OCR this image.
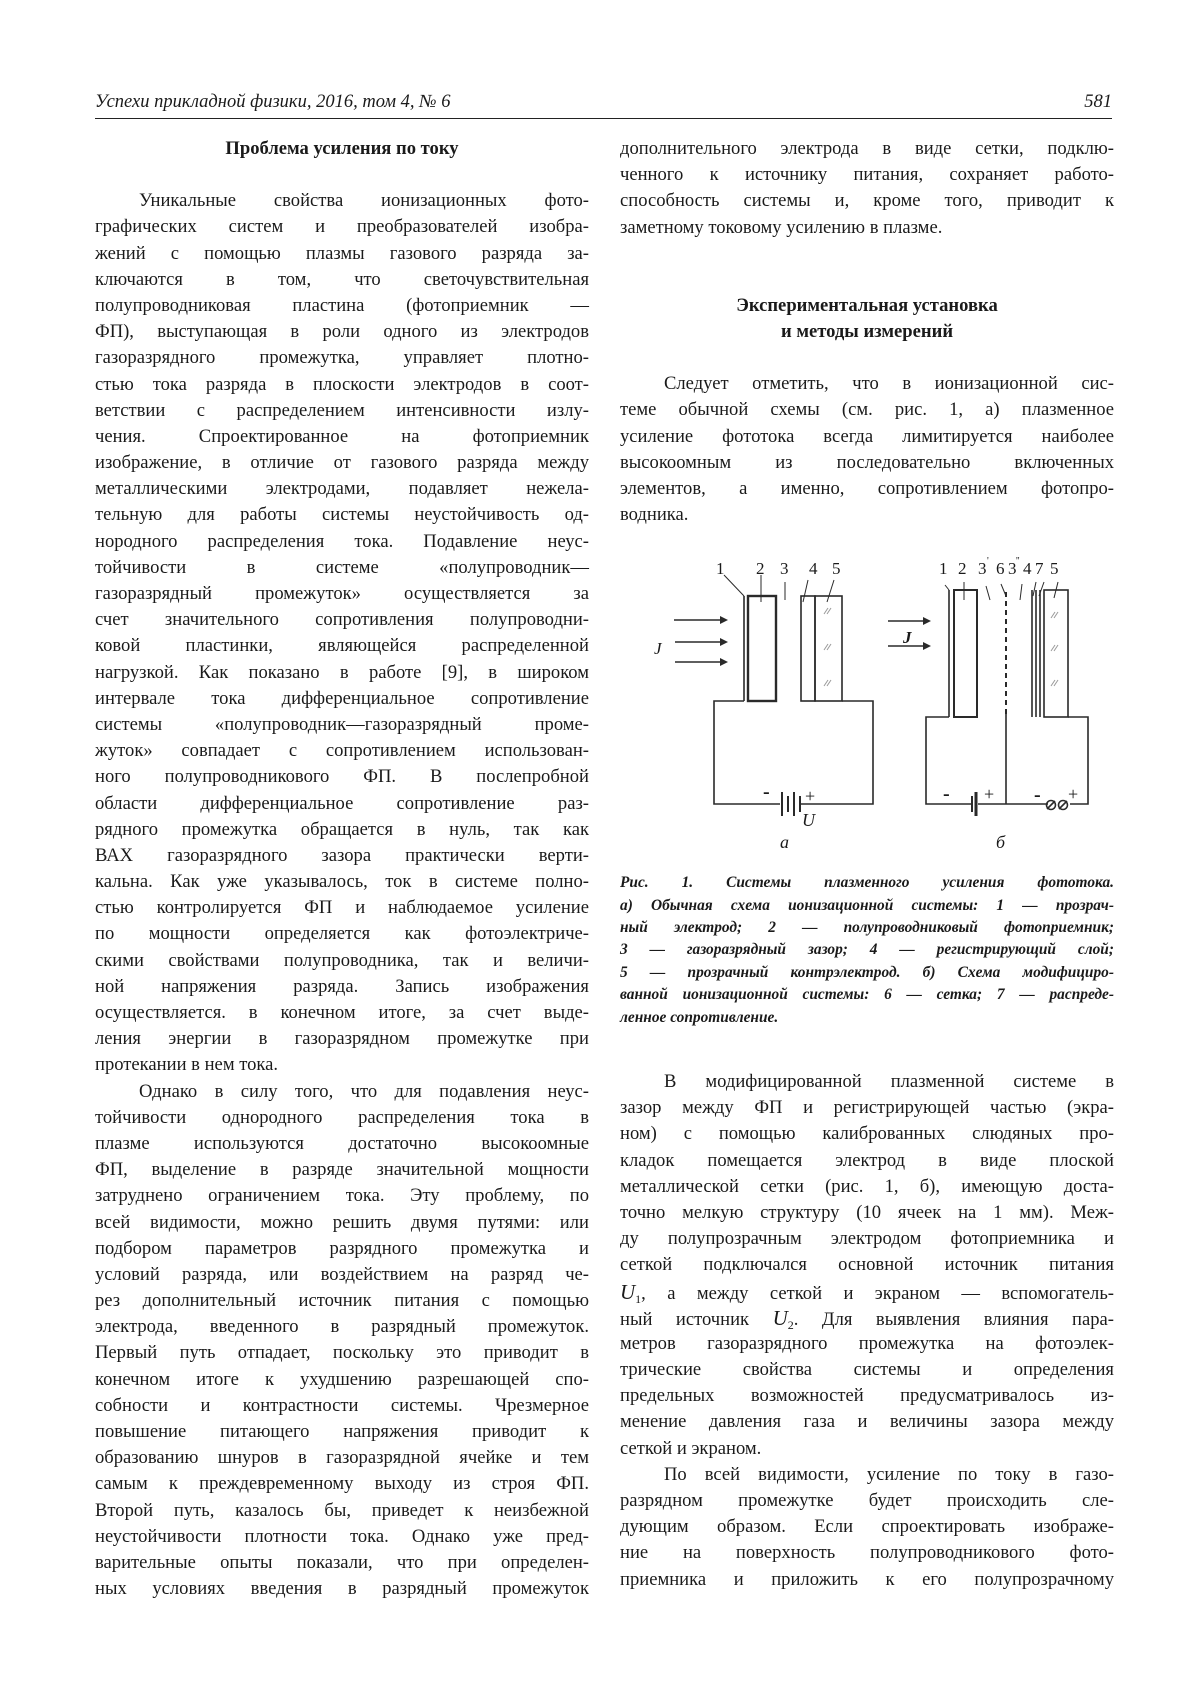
Успехи прикладной физики, 2016, том 4, № 6	581
Проблема усиления по току
Уникальные свойства ионизационных фото-
графических систем и преобразователей изобра-
жений с помощью плазмы газового разряда за-
ключаются в том, что светочувствительная
полупроводниковая пластина (фотоприемник —
ФП), выступающая в роли одного из электродов
газоразрядного промежутка, управляет плотно-
стью тока разряда в плоскости электродов в соот-
ветствии с распределением интенсивности излу-
чения. Спроектированное на фотоприемник
изображение, в отличие от газового разряда между
металлическими электродами, подавляет нежела-
тельную для работы системы неустойчивость од-
нородного распределения тока. Подавление неус-
тойчивости в системе «полупроводник—
газоразрядный промежуток» осуществляется за
счет значительного сопротивления полупроводни-
ковой пластинки, являющейся распределенной
нагрузкой. Как показано в работе [9], в широком
интервале тока дифференциальное сопротивление
системы «полупроводник—газоразрядный проме-
жуток» совпадает с сопротивлением использован-
ного полупроводникового ФП. В послепробной
области дифференциальное сопротивление раз-
рядного промежутка обращается в нуль, так как
ВАХ газоразрядного зазора практически верти-
кальна. Как уже указывалось, ток в системе полно-
стью контролируется ФП и наблюдаемое усиление
по мощности определяется как фотоэлектриче-
скими свойствами полупроводника, так и величи-
ной напряжения разряда. Запись изображения
осуществляется. в конечном итоге, за счет выде-
ления энергии в газоразрядном промежутке при
протекании в нем тока.
Однако в силу того, что для подавления неус-
тойчивости однородного распределения тока в
плазме используются достаточно высокоомные
ФП, выделение в разряде значительной мощности
затруднено ограничением тока. Эту проблему, по
всей видимости, можно решить двумя путями: или
подбором параметров разрядного промежутка и
условий разряда, или воздействием на разряд че-
рез дополнительный источник питания с помощью
электрода, введенного в разрядный промежуток.
Первый путь отпадает, поскольку это приводит в
конечном итоге к ухудшению разрешающей спо-
собности и контрастности системы. Чрезмерное
повышение питающего напряжения приводит к
образованию шнуров в газоразрядной ячейке и тем
самым к преждевременному выходу из строя ФП.
Второй путь, казалось бы, приведет к неизбежной
неустойчивости плотности тока. Однако уже пред-
варительные опыты показали, что при определен-
ных условиях введения в разрядный промежуток
дополнительного электрода в виде сетки, подклю-
ченного к источнику питания, сохраняет работо-
способность системы и, кроме того, приводит к
заметному токовому усилению в плазме.
Экспериментальная установка
и методы измерений
Следует отметить, что в ионизационной сис-
теме обычной схемы (см. рис. 1, а) плазменное
усиление фототока всегда лимитируется наиболее
высокоомным из последовательно включенных
элементов, а именно, сопротивлением фотопро-
водника.
1 2 3 4 5
J
- +
U
а
1 2 3 ' 6 3 '' 4 7 5
J
- + - +
б
Рис. 1. Системы плазменного усиления фототока.
а) Обычная схема ионизационной системы: 1 — прозрач-
ный электрод; 2 — полупроводниковый фотоприемник;
3 — газоразрядный зазор; 4 — регистрирующий слой;
5 — прозрачный контрэлектрод. б) Схема модифициро-
ванной ионизационной системы: 6 — сетка; 7 — распреде-
ленное сопротивление.
В модифицированной плазменной системе в
зазор между ФП и регистрирующей частью (экра-
ном) с помощью калиброванных слюдяных про-
кладок помещается электрод в виде плоской
металлической сетки (рис. 1, б), имеющую доста-
точно мелкую структуру (10 ячеек на 1 мм). Меж-
ду полупрозрачным электродом фотоприемника и
сеткой подключался основной источник питания
$U_1$, а между сеткой и экраном — вспомогатель-
ный источник $U_2$. Для выявления влияния пара-
метров газоразрядного промежутка на фотоэлек-
трические свойства системы и определения
предельных возможностей предусматривалось из-
менение давления газа и величины зазора между
сеткой и экраном.
По всей видимости, усиление по току в газо-
разрядном промежутке будет происходить сле-
дующим образом. Если спроектировать изображе-
ние на поверхность полупроводникового фото-
приемника и приложить к его полупрозрачному
